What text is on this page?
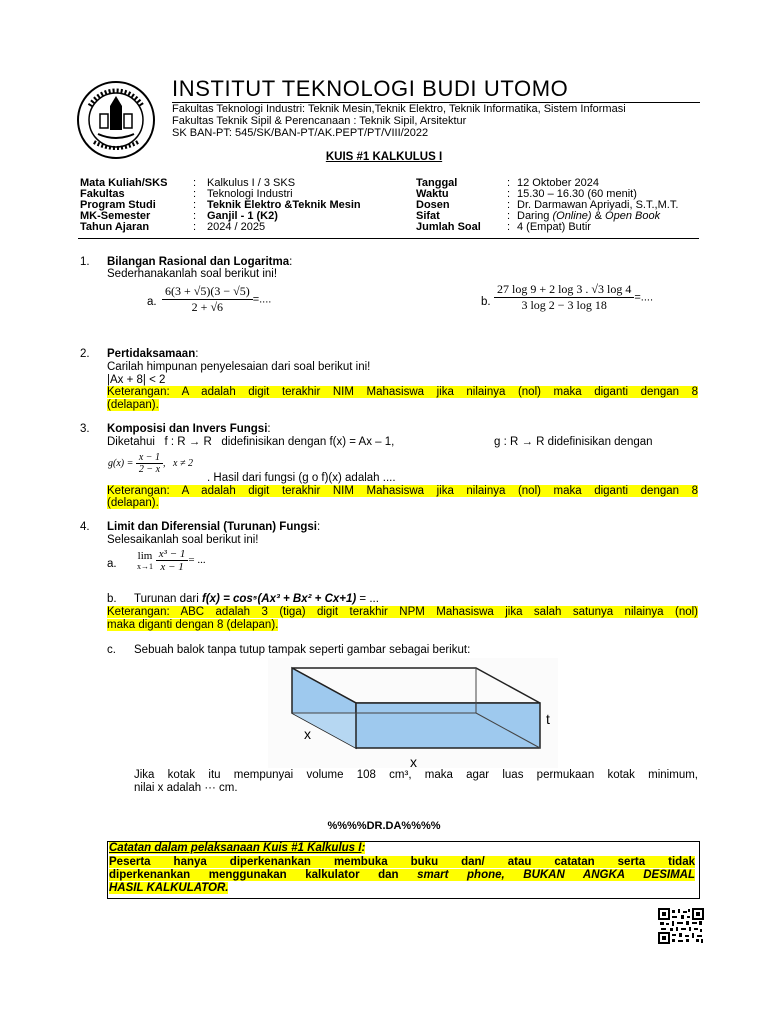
INSTITUT TEKNOLOGI BUDI UTOMO
Fakultas Teknologi Industri: Teknik Mesin,Teknik Elektro, Teknik Informatika, Sistem Informasi
Fakultas Teknik Sipil & Perencanaan : Teknik Sipil, Arsitektur
SK BAN-PT: 545/SK/BAN-PT/AK.PEPT/PT/VIII/2022
KUIS #1 KALKULUS I
Mata Kuliah/SKS	:	Kalkulus I / 3 SKS
Fakultas	:	Teknologi Industri
Program Studi	:	Teknik Elektro &Teknik Mesin
MK-Semester	:	Ganjil - 1 (K2)
Tahun Ajaran	:	2024 / 2025
Tanggal	:	12 Oktober 2024
Waktu	:	15.30 – 16.30 (60 menit)
Dosen	:	Dr. Darmawan Apriyadi, S.T.,M.T.
Sifat	:	Daring (Online) & Open Book
Jumlah Soal	:	4 (Empat) Butir
1. Bilangan Rasional dan Logaritma:
Sederhanakanlah soal berikut ini!
a. $\frac{6(3 + √5)(3 - √5)}{2 + √6}$ =....	b. $\frac{27 \log 9 + 2 \log 3 . √3 \log 4}{3 \log 2 - 3 \log 18}$ =....
2. Pertidaksamaan:
Carilah himpunan penyelesaian dari soal berikut ini!
|Ax + 8| < 2
Keterangan: A adalah digit terakhir NIM Mahasiswa jika nilainya (nol) maka diganti dengan 8
(delapan).
3. Komposisi dan Invers Fungsi:
Diketahui   f : R → R   didefinisikan dengan f(x) = Ax – 1,	g : R → R didefinisikan dengan
$g(x) = \frac{x - 1}{2 - x}$ ,   x ≠ 2
. Hasil dari fungsi (g o f)(x) adalah ....
Keterangan: A adalah digit terakhir NIM Mahasiswa jika nilainya (nol) maka diganti dengan 8
(delapan).
4. Limit dan Diferensial (Turunan) Fungsi:
Selesaikanlah soal berikut ini!
a.
lim
x→1
$\frac{\text{x³ − 1}}{x - 1}$ = ...
b. Turunan dari f(x) = cos⁵(Ax³ + Bx² + Cx+1) = ...
Keterangan: ABC adalah 3 (tiga) digit terakhir NPM Mahasiswa jika salah satunya nilainya (nol)
maka diganti dengan 8 (delapan).
c. Sebuah balok tanpa tutup tampak seperti gambar sebagai berikut:
x
t
x
Jika kotak itu mempunyai volume 108 cm³, maka agar luas permukaan kotak minimum,
nilai x adalah ··· cm.
%%%%DR.DA%%%%
Catatan dalam pelaksanaan Kuis #1 Kalkulus I:
Peserta hanya diperkenankan membuka buku dan/ atau catatan serta tidak
diperkenankan menggunakan kalkulator dan smart phone, BUKAN ANGKA DESIMAL
HASIL KALKULATOR.
